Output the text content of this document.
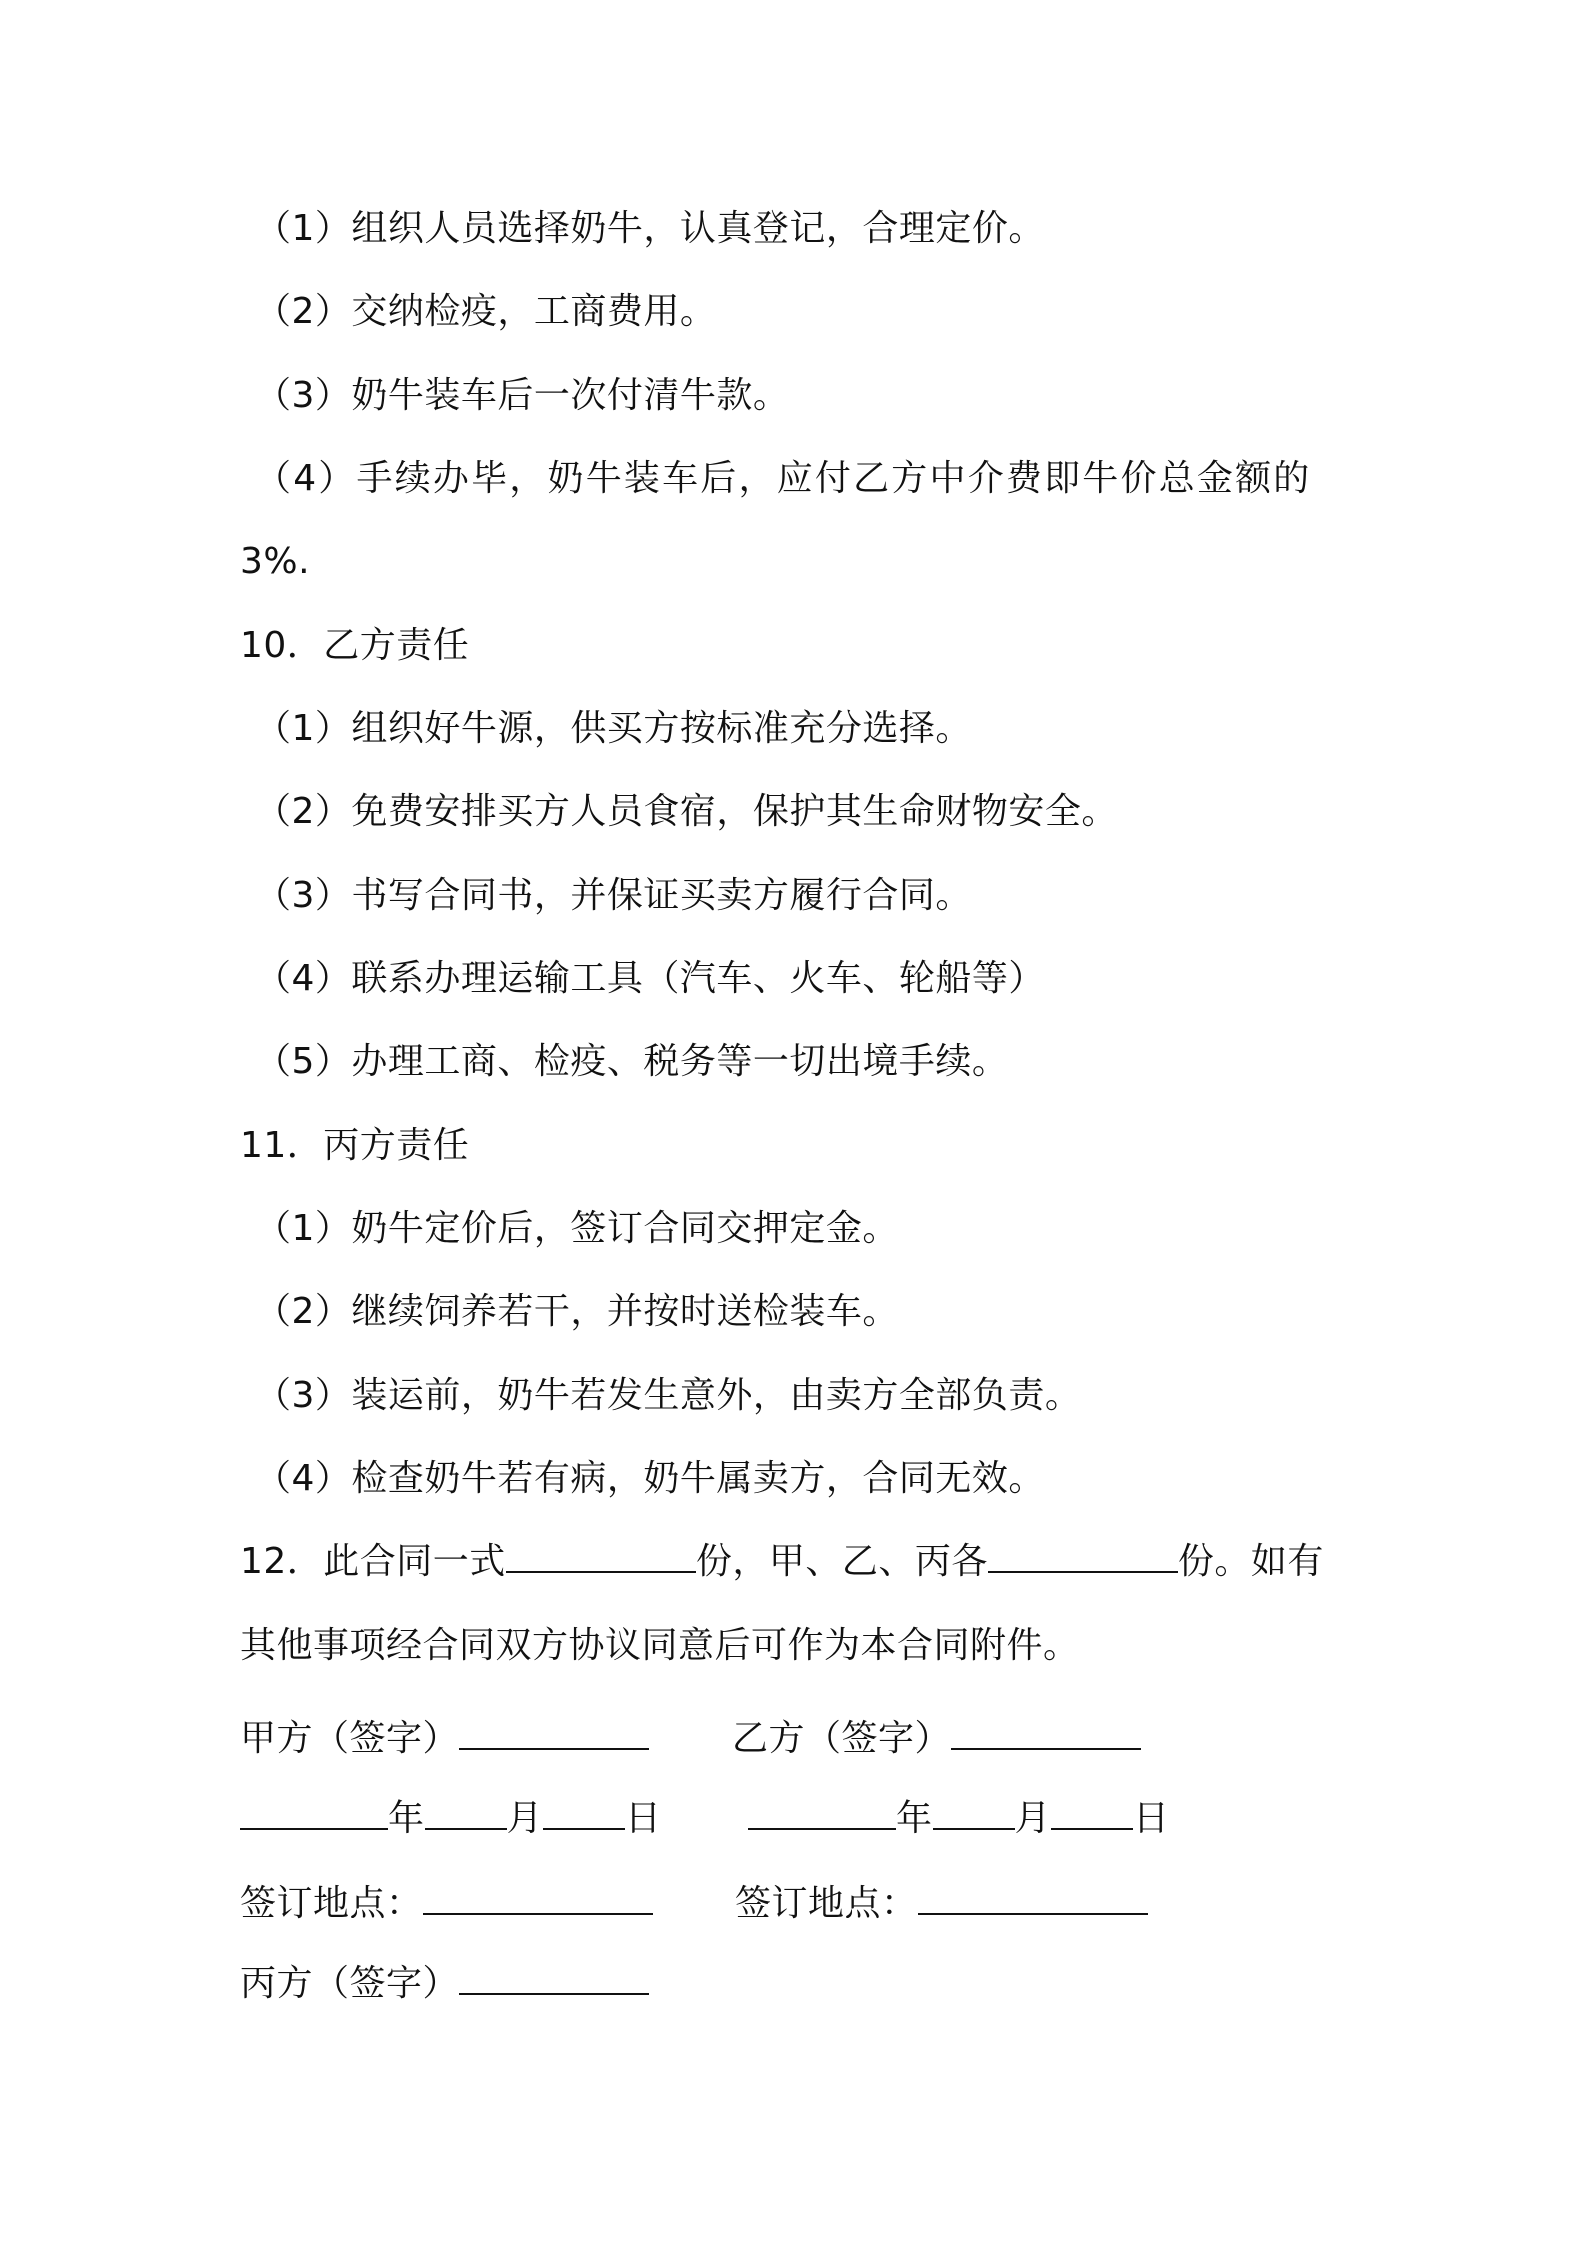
（1）组织人员选择奶牛，认真登记，合理定价。
（2）交纳检疫，工商费用。
（3）奶牛装车后一次付清牛款。
（4）手续办毕，奶牛装车后，应付乙方中介费即牛价总金额的
3%.
10．乙方责任
（1）组织好牛源，供买方按标准充分选择。
（2）免费安排买方人员食宿，保护其生命财物安全。
（3）书写合同书，并保证买卖方履行合同。
（4）联系办理运输工具（汽车、火车、轮船等）
（5）办理工商、检疫、税务等一切出境手续。
11．丙方责任
（1）奶牛定价后，签订合同交押定金。
（2）继续饲养若干，并按时送检装车。
（3）装运前，奶牛若发生意外，由卖方全部负责。
（4）检查奶牛若有病，奶牛属卖方，合同无效。
12．此合同一式	份，甲、乙、丙各	份。如有
其他事项经合同双方协议同意后可作为本合同附件。
甲方（签字）	乙方（签字）
年 月 日	年 月 日
签订地点：	签订地点：
丙方（签字）
